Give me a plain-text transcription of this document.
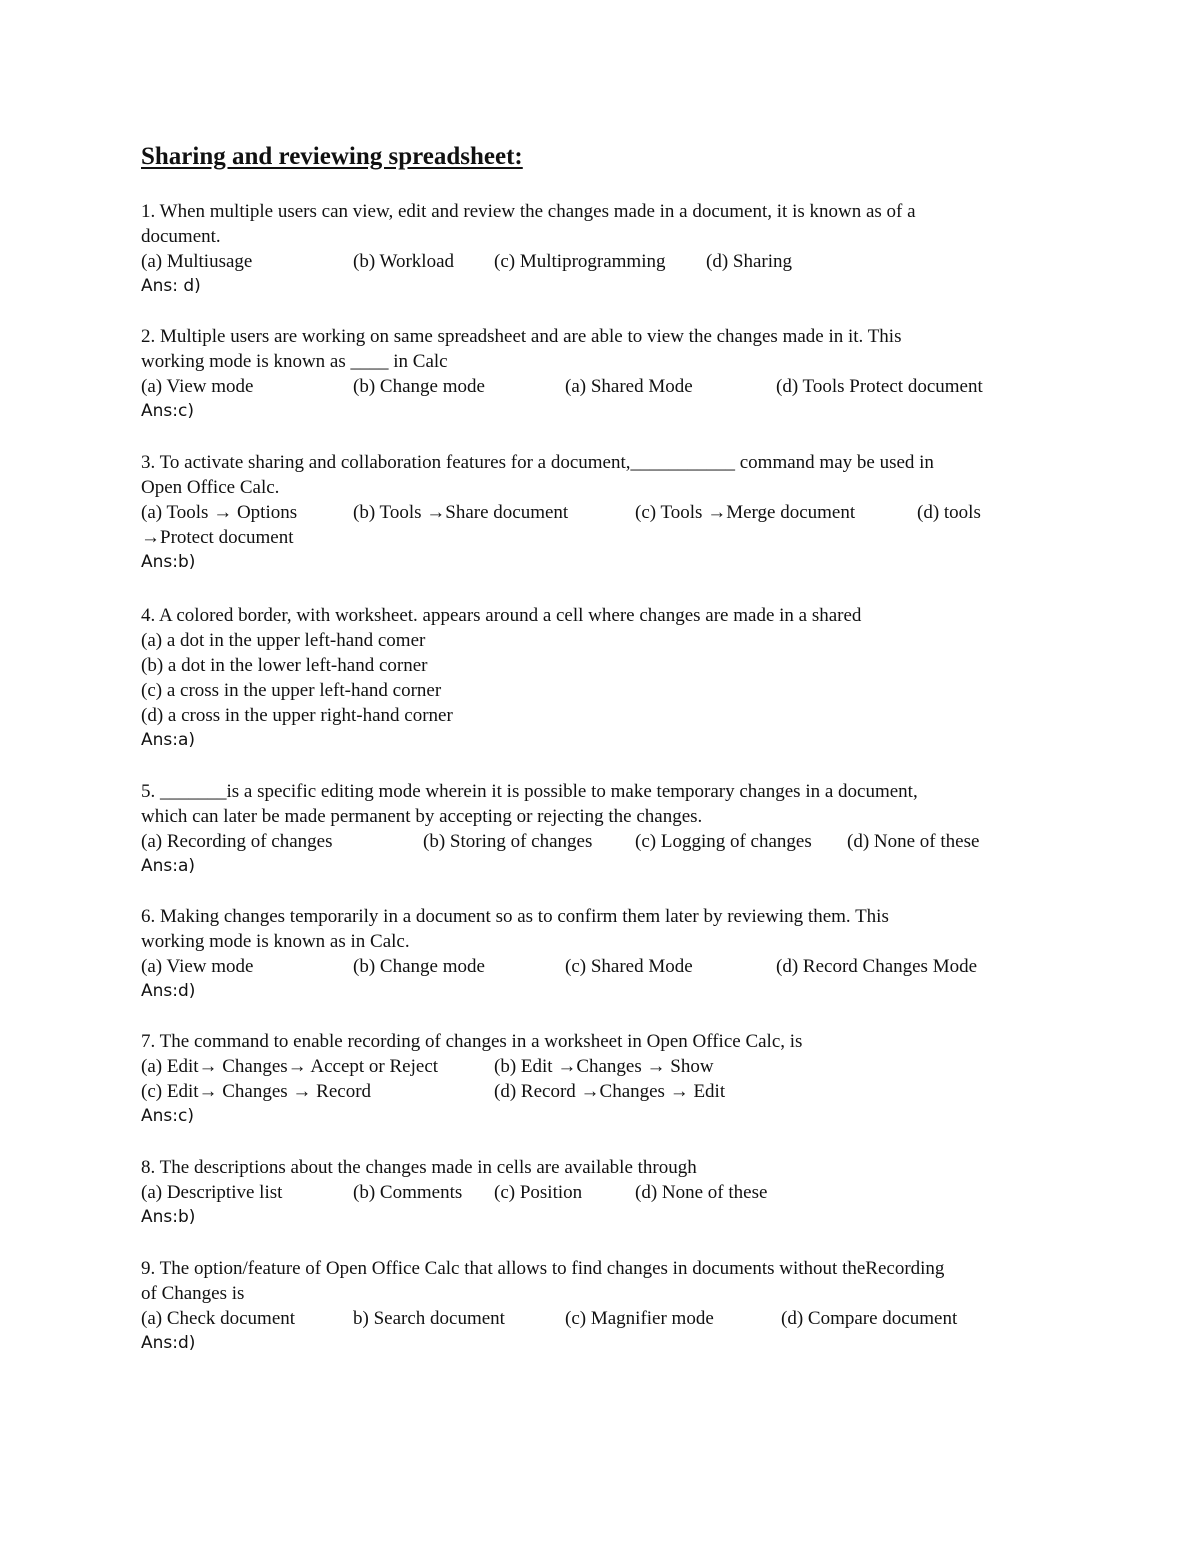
Sharing and reviewing spreadsheet:
1. When multiple users can view, edit and review the changes made in a document, it is known as of a
document.
(a) Multiusage	(b) Workload (c) Multiprogramming (d) Sharing
Ans: d)
2. Multiple users are working on same spreadsheet and are able to view the changes made in it. This
working mode is known as ____ in Calc
(a) View mode	(b) Change mode	(a) Shared Mode	(d) Tools Protect document
Ans:c)
3. To activate sharing and collaboration features for a document,___________ command may be used in
Open Office Calc.
(a) Tools → Options	(b) Tools →Share document	(c) Tools →Merge document	(d) tools
→Protect document
Ans:b)
4. A colored border, with worksheet. appears around a cell where changes are made in a shared
(a) a dot in the upper left-hand comer
(b) a dot in the lower left-hand corner
(c) a cross in the upper left-hand corner
(d) a cross in the upper right-hand corner
Ans:a)
5. _______is a specific editing mode wherein it is possible to make temporary changes in a document,
which can later be made permanent by accepting or rejecting the changes.
(a) Recording of changes	(b) Storing of changes (c) Logging of changes (d) None of these
Ans:a)
6. Making changes temporarily in a document so as to confirm them later by reviewing them. This
working mode is known as in Calc.
(a) View mode	(b) Change mode	(c) Shared Mode	(d) Record Changes Mode
Ans:d)
7. The command to enable recording of changes in a worksheet in Open Office Calc, is
(a) Edit→ Changes→ Accept or Reject	(b) Edit →Changes → Show
(c) Edit→ Changes → Record	(d) Record →Changes → Edit
Ans:c)
8. The descriptions about the changes made in cells are available through
(a) Descriptive list	(b) Comments (c) Position	(d) None of these
Ans:b)
9. The option/feature of Open Office Calc that allows to find changes in documents without theRecording
of Changes is
(a) Check document	b) Search document	(c) Magnifier mode	(d) Compare document
Ans:d)
